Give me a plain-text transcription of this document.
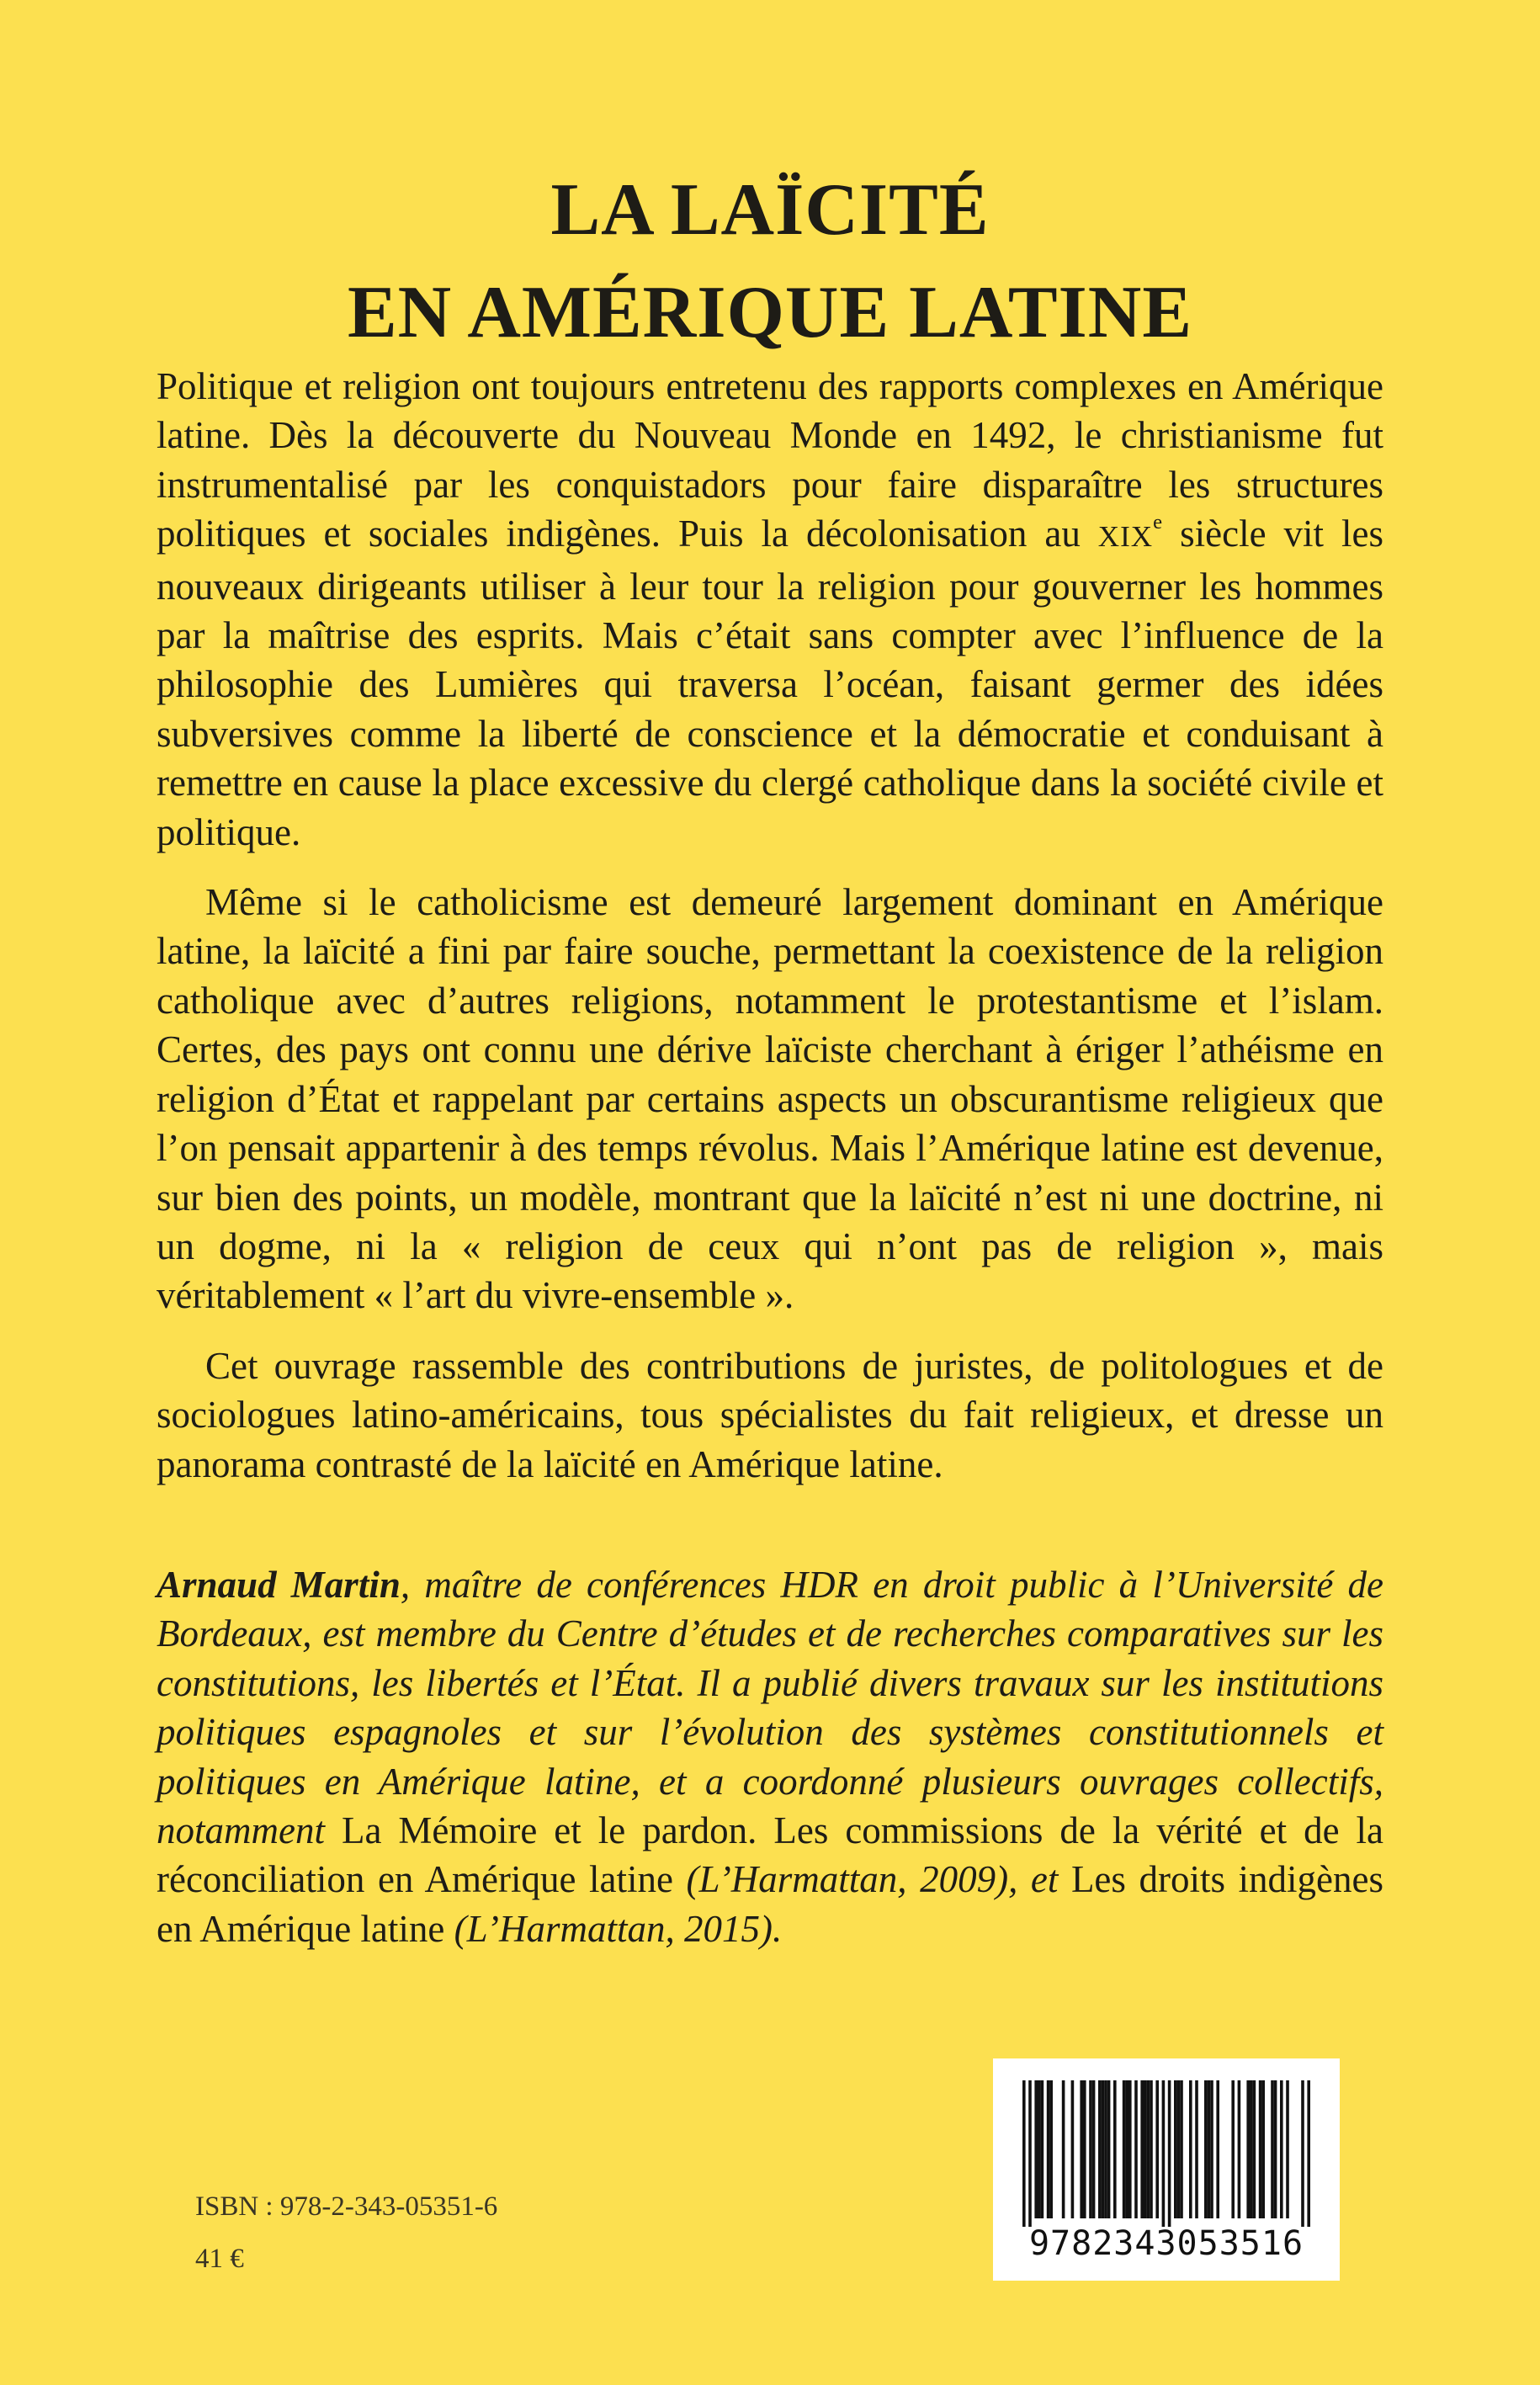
LA LAÏCITÉ
EN AMÉRIQUE LATINE

Politique et religion ont toujours entretenu des rapports complexes en Amérique latine. Dès la découverte du Nouveau Monde en 1492, le christianisme fut instrumentalisé par les conquistadors pour faire disparaître les structures politiques et sociales indigènes. Puis la décolonisation au XIXe siècle vit les nouveaux dirigeants utiliser à leur tour la religion pour gouverner les hommes par la maîtrise des esprits. Mais c’était sans compter avec l’influence de la philosophie des Lumières qui traversa l’océan, faisant germer des idées subversives comme la liberté de conscience et la démocratie et conduisant à remettre en cause la place excessive du clergé catholique dans la société civile et politique.

Même si le catholicisme est demeuré largement dominant en Amérique latine, la laïcité a fini par faire souche, permettant la coexistence de la religion catholique avec d’autres religions, notamment le protestantisme et l’islam. Certes, des pays ont connu une dérive laïciste cherchant à ériger l’athéisme en religion d’État et rappelant par certains aspects un obscurantisme religieux que l’on pensait appartenir à des temps révolus. Mais l’Amérique latine est devenue, sur bien des points, un modèle, montrant que la laïcité n’est ni une doctrine, ni un dogme, ni la « religion de ceux qui n’ont pas de religion », mais véritablement « l’art du vivre-ensemble ».

Cet ouvrage rassemble des contributions de juristes, de politologues et de sociologues latino-américains, tous spécialistes du fait religieux, et dresse un panorama contrasté de la laïcité en Amérique latine.

Arnaud Martin, maître de conférences HDR en droit public à l’Université de Bordeaux, est membre du Centre d’études et de recherches comparatives sur les constitutions, les libertés et l’État. Il a publié divers travaux sur les institutions politiques espagnoles et sur l’évolution des systèmes constitutionnels et politiques en Amérique latine, et a coordonné plusieurs ouvrages collectifs, notamment La Mémoire et le pardon. Les commissions de la vérité et de la réconciliation en Amérique latine (L’Harmattan, 2009), et Les droits indigènes en Amérique latine (L’Harmattan, 2015).
ISBN : 978-2-343-05351-6
41 €	9782343053516
